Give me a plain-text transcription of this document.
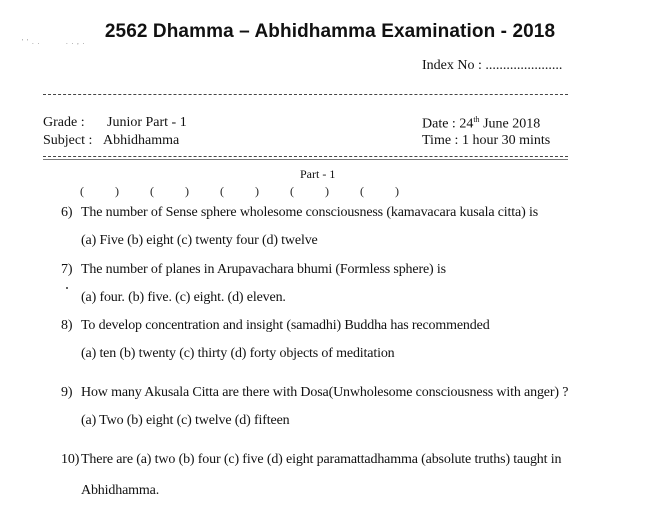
2562 Dhamma – Abhidhamma Examination - 2018
' ' . .	. . , .
Index No : ......................
Grade : Junior Part - 1
Subject : Abhidhamma
Date : 24th June 2018
Time : 1 hour 30 mints
Part - 1
( ) ( ) ( ) ( ) ( )
6) The number of Sense sphere wholesome consciousness (kamavacara kusala citta) is
(a) Five (b) eight (c) twenty four (d) twelve
7) The number of planes in Arupavachara bhumi (Formless sphere) is
(a) four. (b) five. (c) eight. (d) eleven.
8) To develop concentration and insight (samadhi) Buddha has recommended
(a) ten (b) twenty (c) thirty (d) forty objects of meditation
9) How many Akusala Citta are there with Dosa(Unwholesome consciousness with anger) ?
(a) Two (b) eight (c) twelve (d) fifteen
10) There are (a) two (b) four (c) five (d) eight paramattadhamma (absolute truths) taught in
Abhidhamma.
